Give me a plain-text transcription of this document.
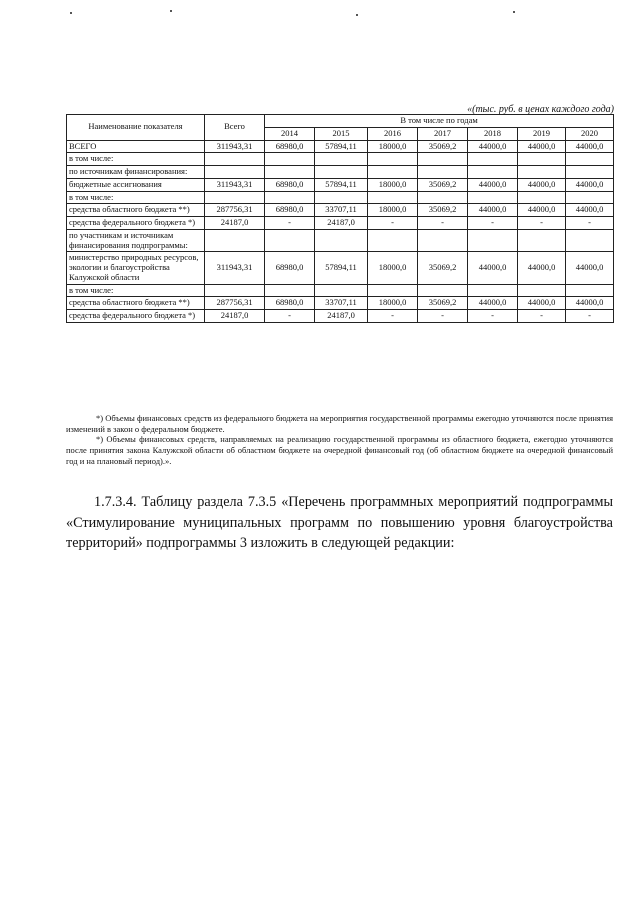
«(тыс. руб. в ценах каждого года)
Наименование показателя	Всего	В том числе по годам						
		2014	2015	2016	2017	2018	2019	2020
ВСЕГО	311943,31	68980,0	57894,11	18000,0	35069,2	44000,0	44000,0	44000,0
в том числе:								
по источникам финансирования:								
бюджетные ассигнования	311943,31	68980,0	57894,11	18000,0	35069,2	44000,0	44000,0	44000,0
в том числе:								
средства областного бюджета **)	287756,31	68980,0	33707,11	18000,0	35069,2	44000,0	44000,0	44000,0
средства федерального бюджета *)	24187,0	-	24187,0	-	-	-	-	-
по участникам и источникам финансирования подпрограммы:								
министерство природных ресурсов, экологии и благоустройства Калужской области	311943,31	68980,0	57894,11	18000,0	35069,2	44000,0	44000,0	44000,0
в том числе:								
средства областного бюджета **)	287756,31	68980,0	33707,11	18000,0	35069,2	44000,0	44000,0	44000,0
средства федерального бюджета *)	24187,0	-	24187,0	-	-	-	-	-

*) Объемы финансовых средств из федерального бюджета на мероприятия государственной программы ежегодно уточняются после принятия изменений в закон о федеральном бюджете.

*) Объемы финансовых средств, направляемых на реализацию государственной программы из областного бюджета, ежегодно уточняются после принятия закона Калужской области об областном бюджете на очередной финансовый год (об областном бюджете на очередной финансовый год и на плановый период).».

1.7.3.4. Таблицу раздела 7.3.5 «Перечень программных мероприятий подпрограммы «Стимулирование муниципальных программ по повышению уровня благоустройства территорий» подпрограммы 3 изложить в следующей редакции:
